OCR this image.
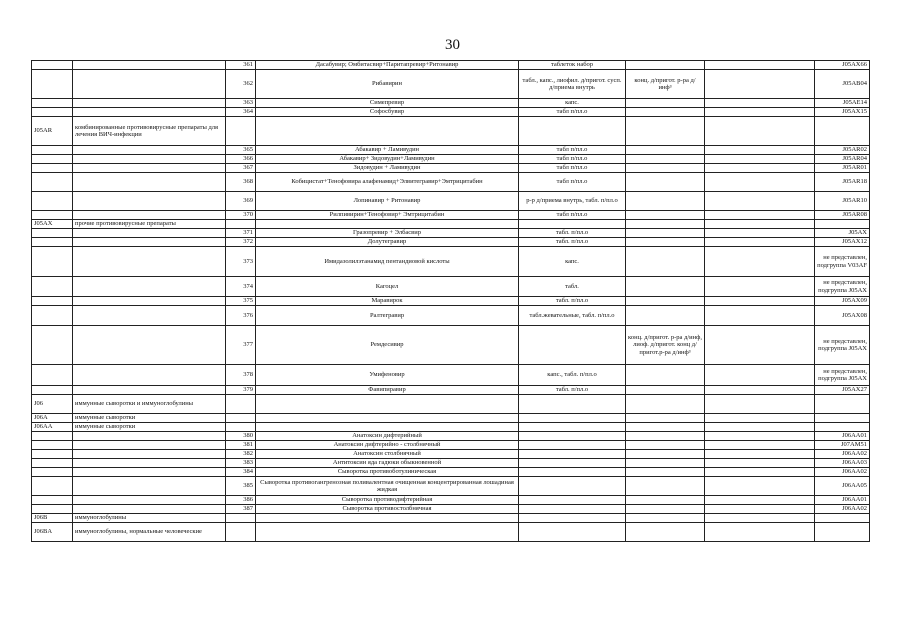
30
		361	Дасабувир; Омбитасвир+Паритапревир+Ритонавир	таблеток набор			J05AX66
		362	Рибавирин	табл., капс., лиофил. д/пригот. сусп. д/приема внутрь	конц. д/пригот. р-ра д/инф³		J05AB04
		363	Симепревир	капс.			J05AE14
		364	Софосбувир	табл п/пл.о			J05AX15
J05AR	комбинированные противовирусные препараты для лечения ВИЧ-инфекции						
		365	Абакавир + Ламивудин	табл п/пл.о			J05AR02
		366	Абакавир+ Зидовудин+Ламивудин	табл п/пл.о			J05AR04
		367	Зидовудин + Ламивудин	табл п/пл.о			J05AR01
		368	Кобицистат+Тенофовира алафенамид+Элвитегравир+Эмтрицитабин	табл п/пл.о			J05AR18
		369	Лопинавир + Ритонавир	р-р д/приема внутрь, табл. п/пл.о			J05AR10
		370	Рилпивирин+Тенофовир+ Эмтрицитабин	табл п/пл.о			J05AR08
J05AX	прочие противовирусные препараты						
		371	Гразопревир + Элбасвир	табл. п/пл.о			J05AX
		372	Долутегравир	табл. п/пл.о			J05AX12
		373	Имидазолилэтанамид пентандиовой кислоты	капс.			не представлен, подгруппа V03AF
		374	Кагоцел	табл.			не представлен, подгруппа J05AX
		375	Маравирок	табл. п/пл.о			J05AX09
		376	Ралтегравир	табл.жевательные, табл. п/пл.о			J05AX08
		377	Ремдесивир		конц. д/пригот. р-ра д/инф, лиоф. д/пригот. конц д/пригот.р-ра д/инф³		не представлен, подгруппа J05AX
		378	Умифеновир	капс., табл. п/пл.о			не представлен, подгруппа J05AX
		379	Фавипиравир	табл. п/пл.о			J05AX27
J06	иммунные сыворотки и иммуноглобулины						
J06A	иммунные сыворотки						
J06AA	иммунные сыворотки						
		380	Анатоксин дифтерийный				J06AA01
		381	Анатоксин дифтерийно - столбнячный				J07AM51
		382	Анатоксин столбнячный				J06AA02
		383	Антитоксин яда гадюки обыкновенной				J06AA03
		384	Сыворотка противоботулиническая				J06AA02
		385	Сыворотка противогангренозная поливалентная очищенная концентрированная лошадиная жидкая				J06AA05
		386	Сыворотка противодифтерийная				J06AA01
		387	Сыворотка противостолбнячная				J06AA02
J06B	иммуноглобулины						
J06BA	иммуноглобулины, нормальные человеческие						
